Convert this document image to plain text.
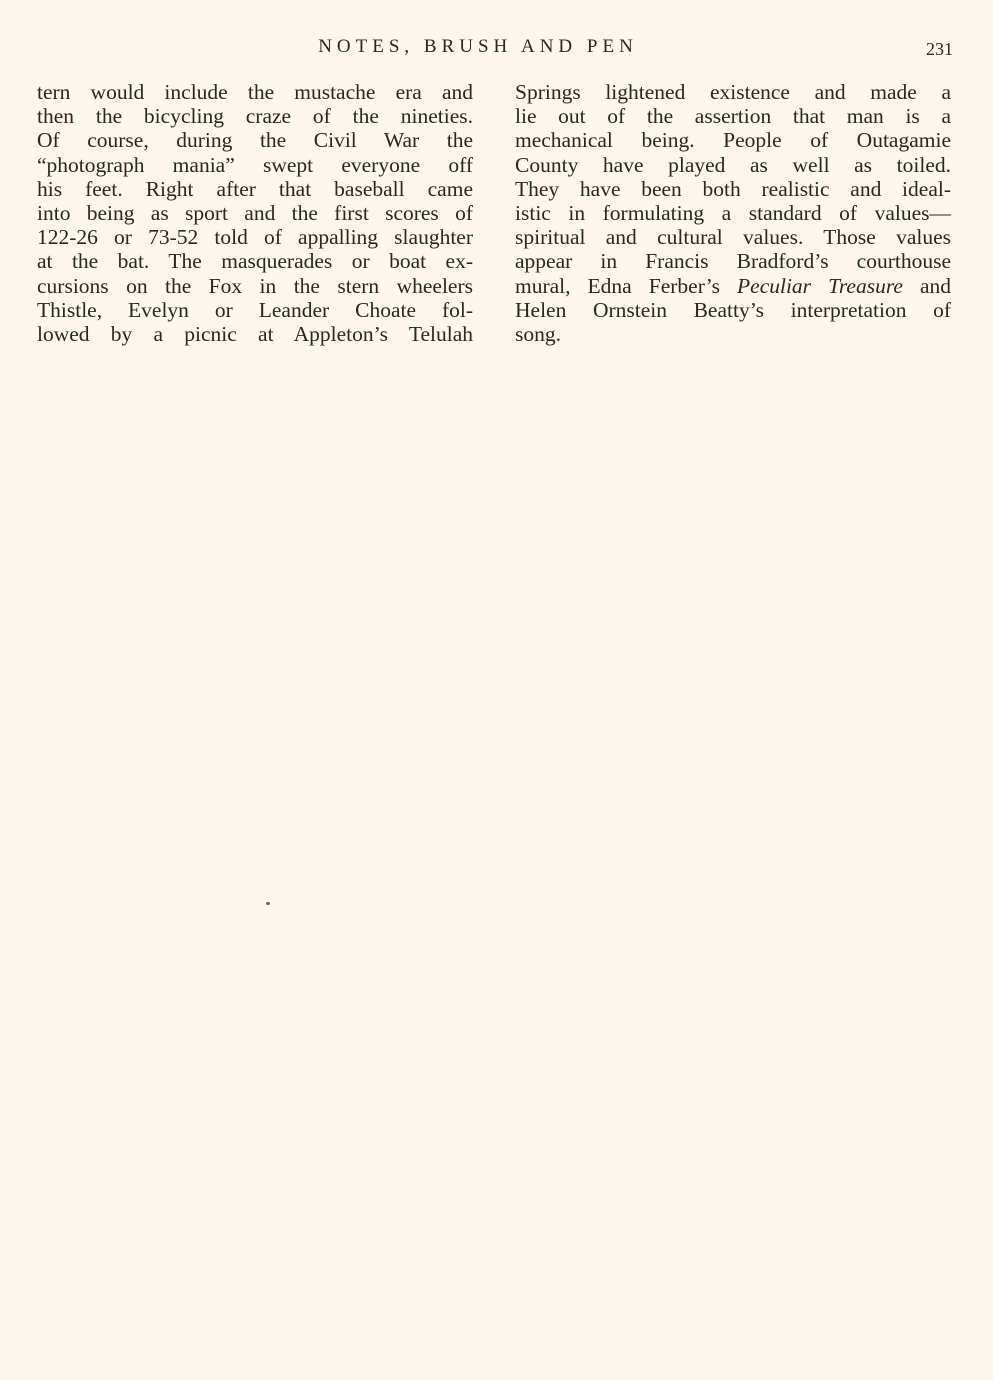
NOTES, BRUSH AND PEN	231
tern would include the mustache era and
then the bicycling craze of the nineties.
Of course, during the Civil War the
“photograph mania” swept everyone off
his feet. Right after that baseball came
into being as sport and the first scores of
122-26 or 73-52 told of appalling slaughter
at the bat. The masquerades or boat ex-
cursions on the Fox in the stern wheelers
Thistle, Evelyn or Leander Choate fol-
lowed by a picnic at Appleton’s Telulah
Springs lightened existence and made a
lie out of the assertion that man is a
mechanical being. People of Outagamie
County have played as well as toiled.
They have been both realistic and ideal-
istic in formulating a standard of values—
spiritual and cultural values. Those values
appear in Francis Bradford’s courthouse
mural, Edna Ferber’s Peculiar Treasure and
Helen Ornstein Beatty’s interpretation of
song.
